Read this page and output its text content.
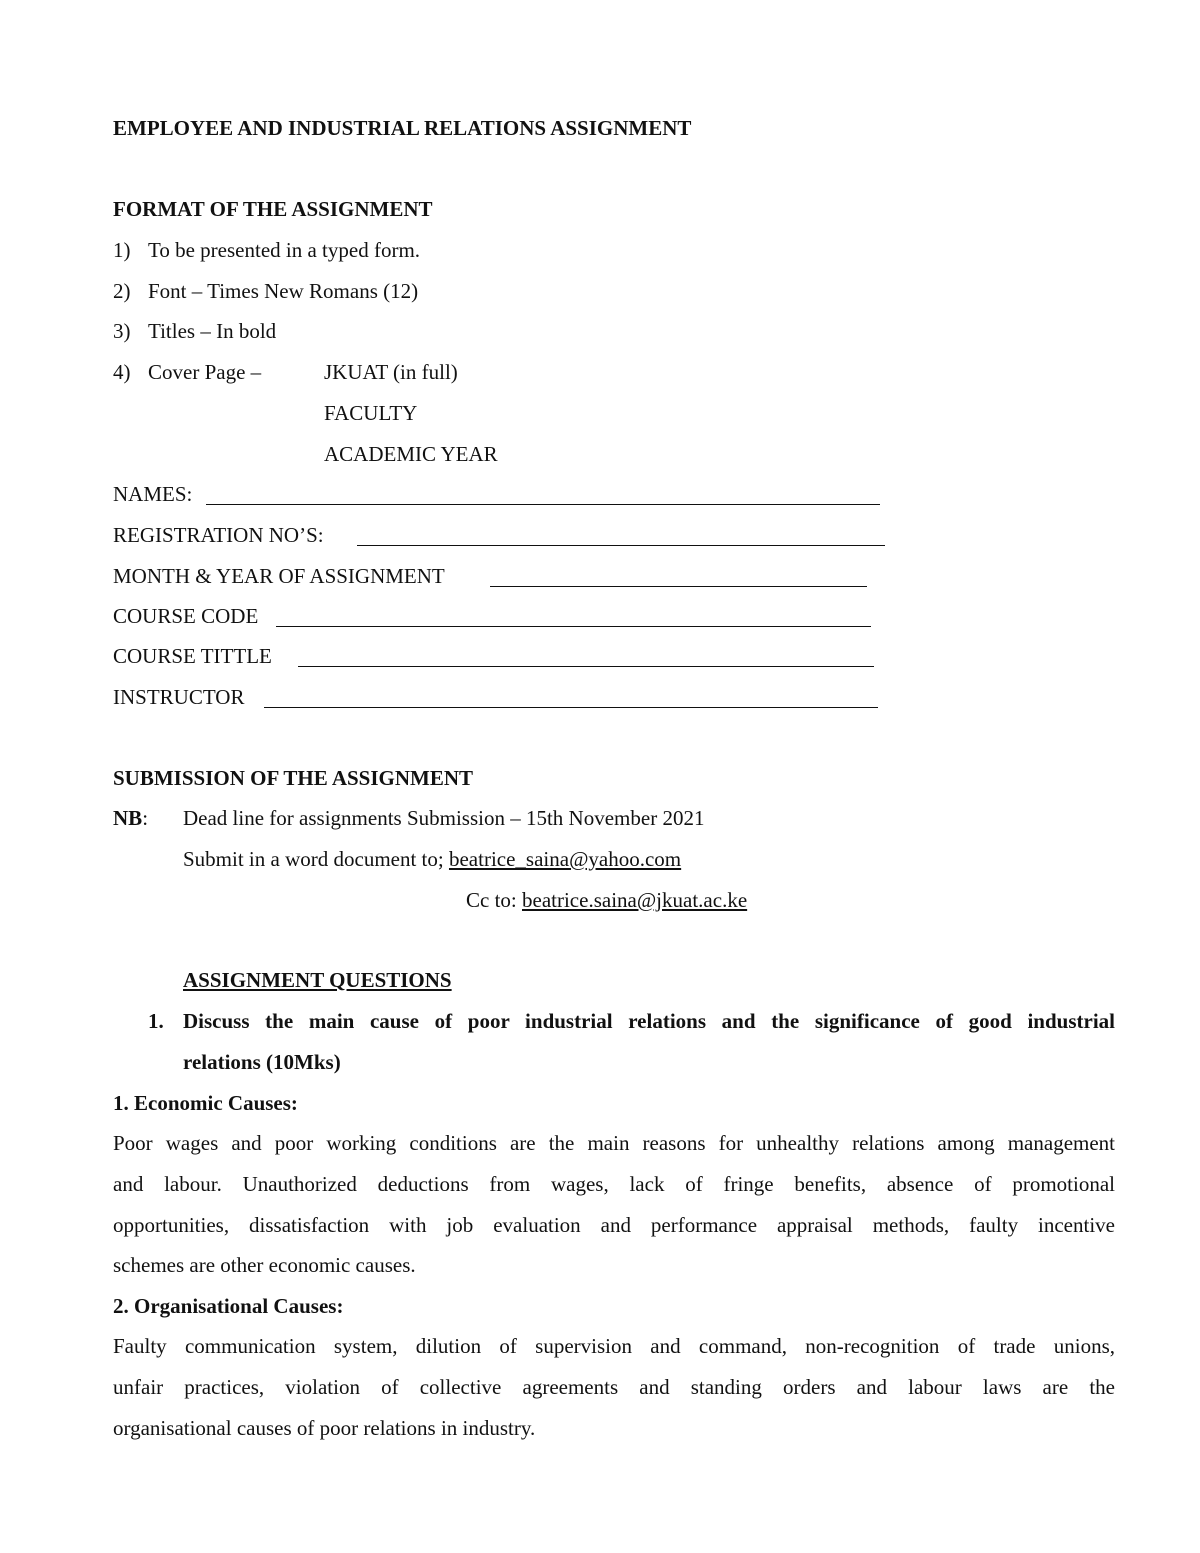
EMPLOYEE AND INDUSTRIAL RELATIONS ASSIGNMENT
FORMAT OF THE ASSIGNMENT
1) To be presented in a typed form.
2) Font – Times New Romans (12)
3) Titles – In bold
4) Cover Page –	JKUAT (in full)
FACULTY
ACADEMIC YEAR
NAMES:
REGISTRATION NO’S:
MONTH & YEAR OF ASSIGNMENT
COURSE CODE
COURSE TITTLE
INSTRUCTOR
SUBMISSION OF THE ASSIGNMENT
NB: Dead line for assignments Submission – 15th November 2021
Submit in a word document to; beatrice_saina@yahoo.com
Cc to: beatrice.saina@jkuat.ac.ke
ASSIGNMENT QUESTIONS
1. Discuss the main cause of poor industrial relations and the significance of good industrial
relations (10Mks)
1. Economic Causes:
Poor wages and poor working conditions are the main reasons for unhealthy relations among management
and labour. Unauthorized deductions from wages, lack of fringe benefits, absence of promotional
opportunities, dissatisfaction with job evaluation and performance appraisal methods, faulty incentive
schemes are other economic causes.
2. Organisational Causes:
Faulty communication system, dilution of supervision and command, non-recognition of trade unions,
unfair practices, violation of collective agreements and standing orders and labour laws are the
organisational causes of poor relations in industry.
